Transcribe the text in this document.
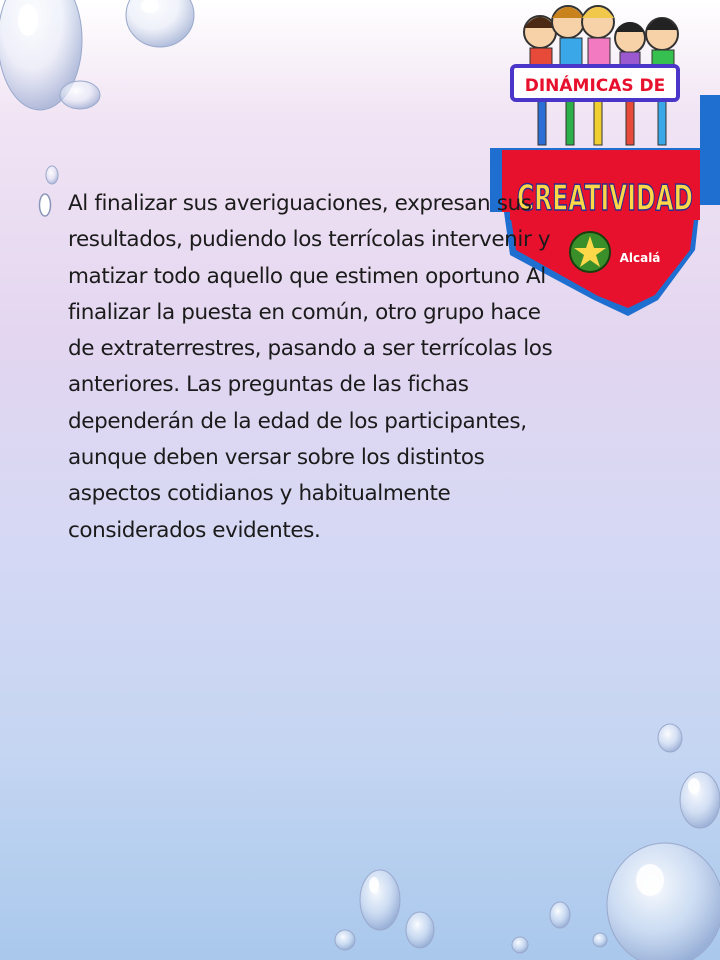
DINÁMICAS DE
CREATIVIDAD
Alcalá

Al finalizar sus averiguaciones, expresan sus resultados, pudiendo los terrícolas intervenir y matizar todo aquello que estimen oportuno Al finalizar la puesta en común, otro grupo hace de extraterrestres, pasando a ser terrícolas los anteriores. Las preguntas de las fichas dependerán de la edad de los participantes, aunque deben versar sobre los distintos aspectos cotidianos y habitualmente considerados evidentes.
